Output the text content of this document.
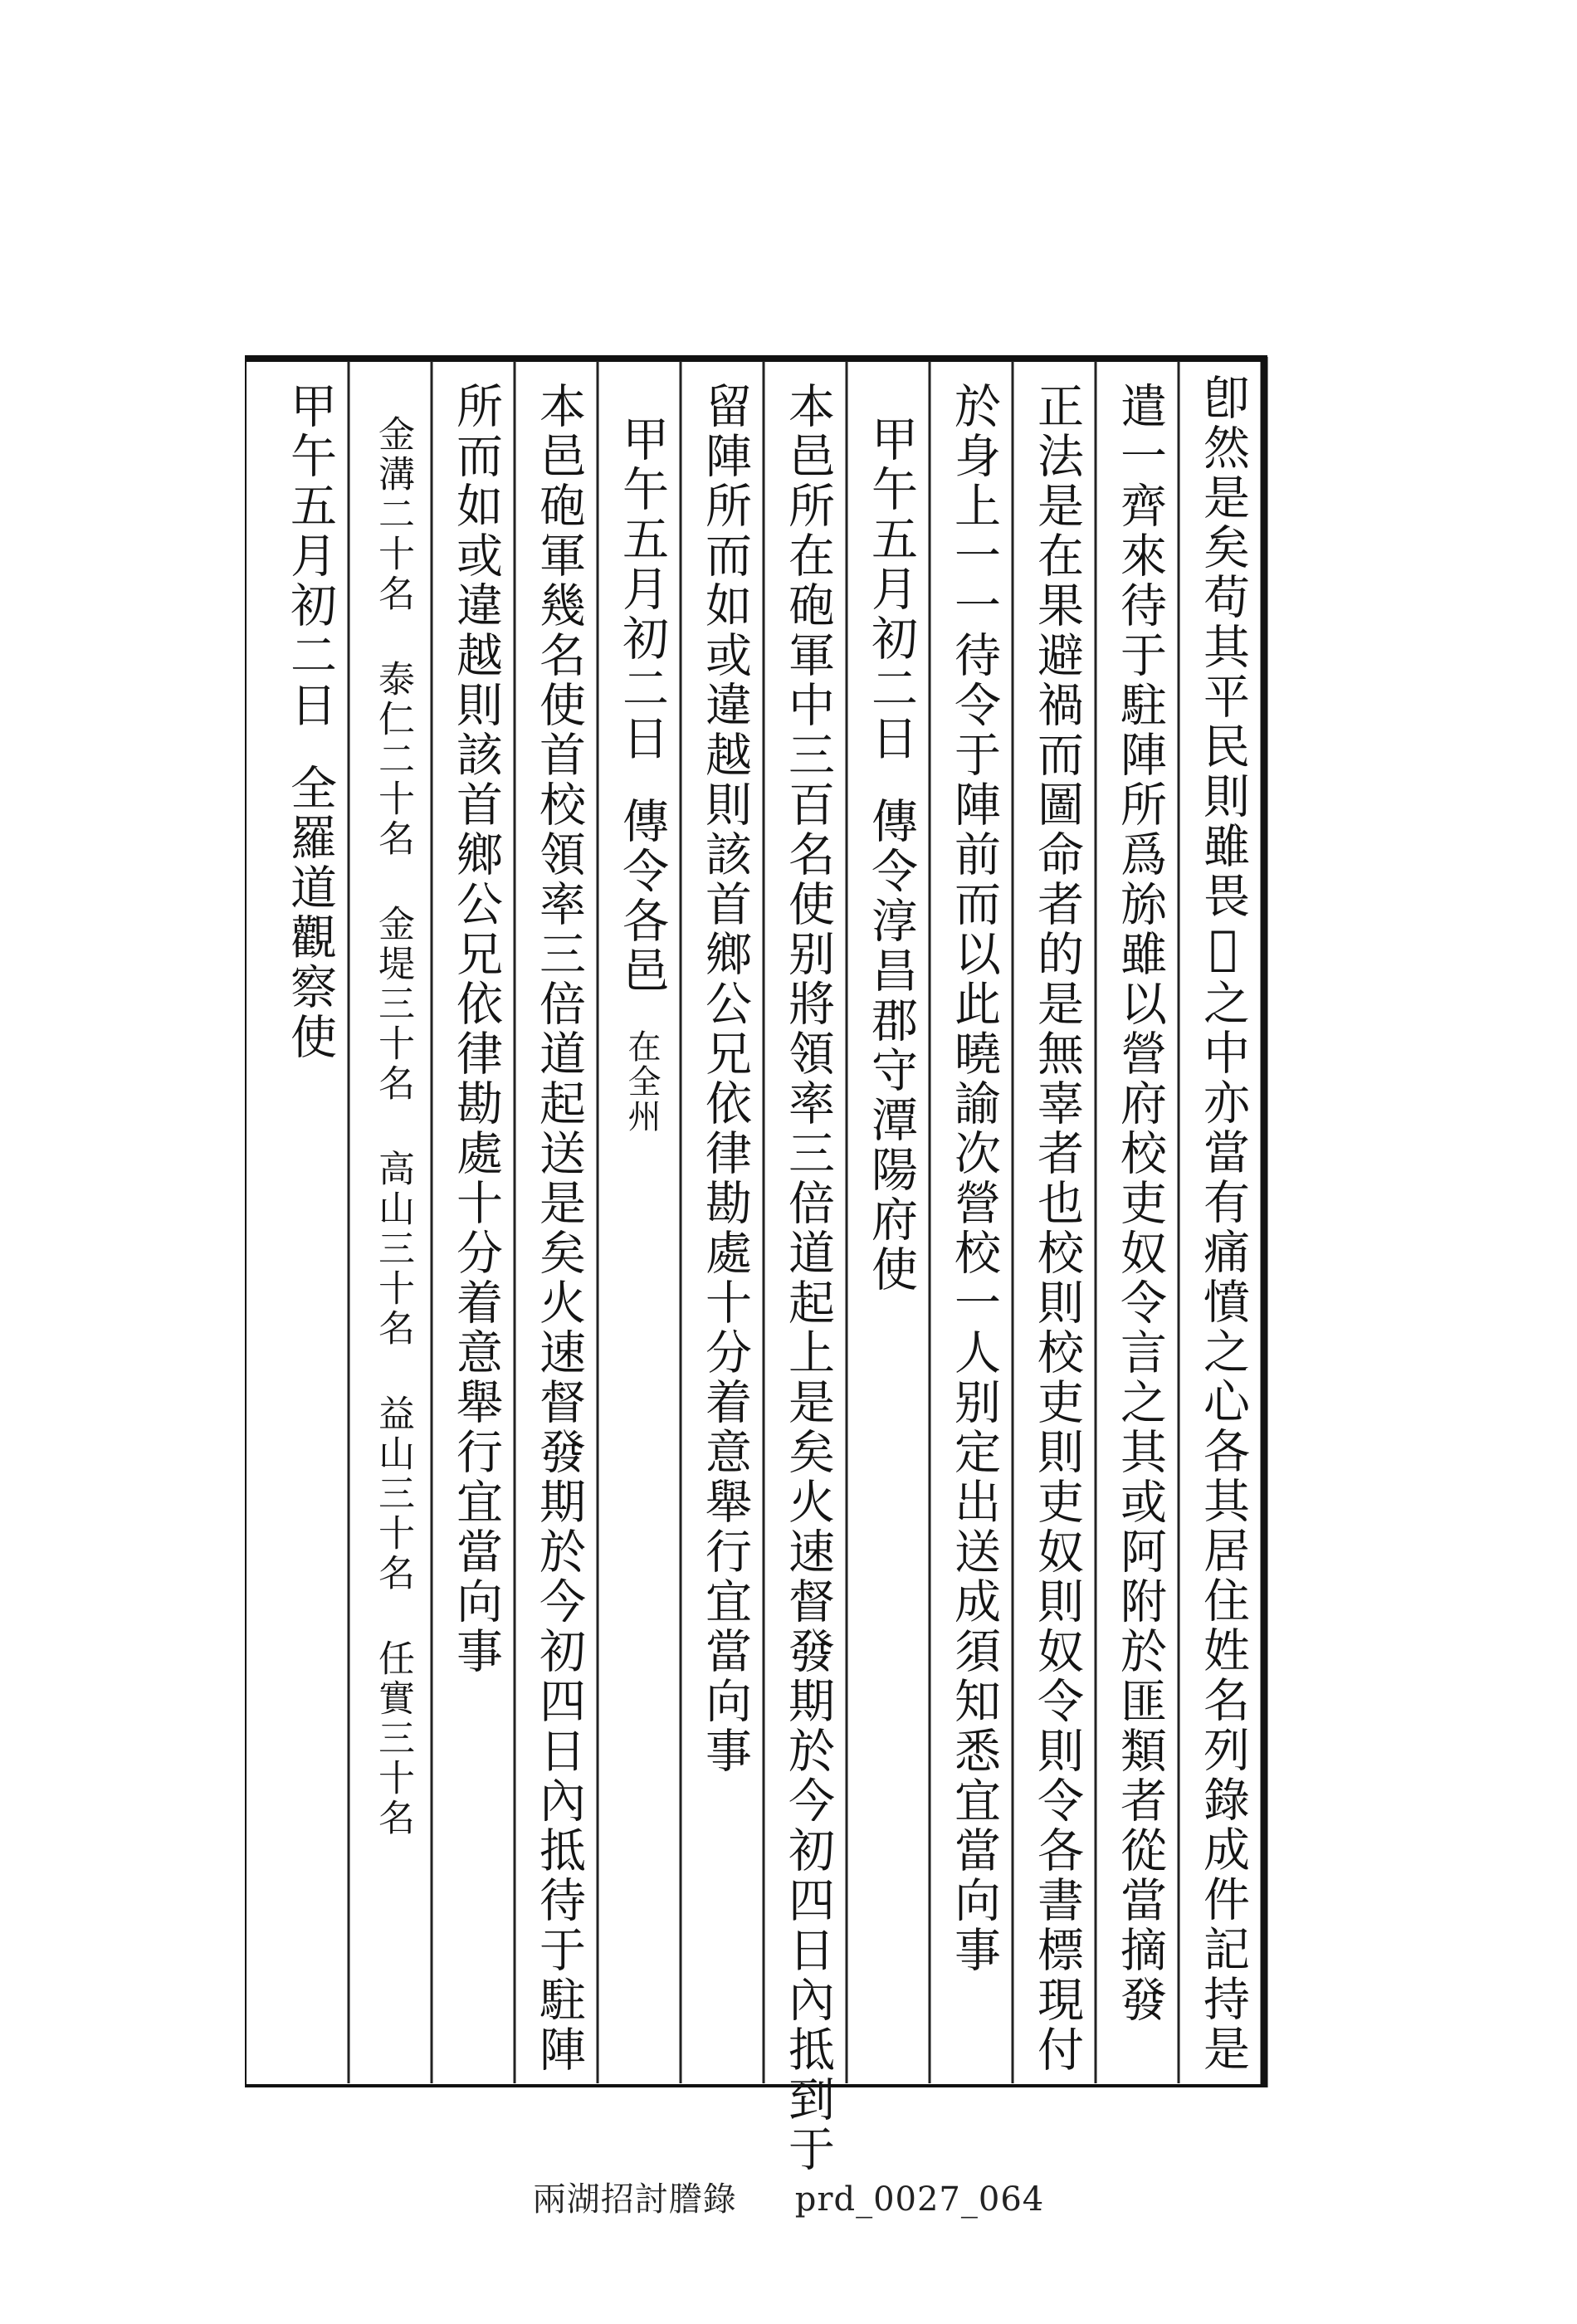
卽然是矣苟其平民則雖畏𥀆之中亦當有痛憤之心各其居住姓名列錄成件記持是
遣一齊來待于駐陣所爲旀雖以營府校吏奴令言之其或阿附於匪類者從當摘發
正法是在果避禍而圖命者的是無辜者也校則校吏則吏奴則奴令則令各書標現付
於身上一一待令于陣前而以此曉諭次營校一人别定出送成須知悉宜當向事
甲午五月初二日傳令淳昌郡守潭陽府使
本邑所在砲軍中三百名使别將領率三倍道起上是矣火速督發期於今初四日內抵到于
留陣所而如或違越則該首鄉公兄依律勘處十分着意舉行宜當向事
甲午五月初二日傳令各邑在全州
本邑砲軍幾名使首校領率三倍道起送是矣火速督發期於今初四日內抵待于駐陣
所而如或違越則該首鄉公兄依律勘處十分着意舉行宜當向事
金溝二十名 泰仁二十名 金堤三十名 高山三十名 益山三十名 任實三十名
甲午五月初二日全羅道觀察使
兩湖招討謄錄 prd_0027_064
